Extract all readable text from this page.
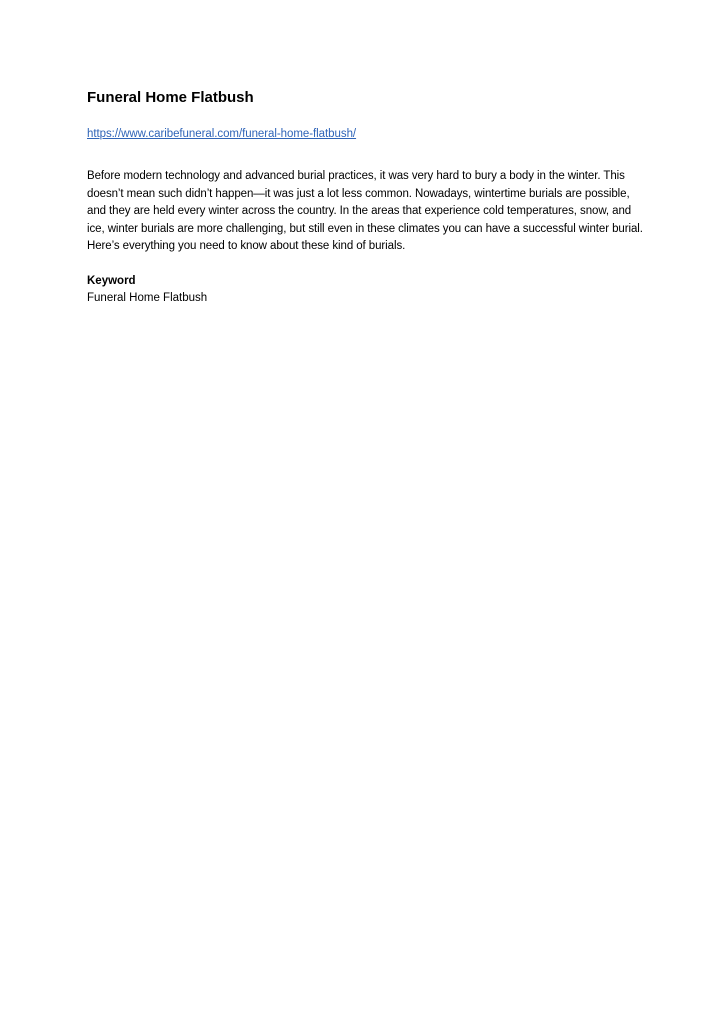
Funeral Home Flatbush
https://www.caribefuneral.com/funeral-home-flatbush/

Before modern technology and advanced burial practices, it was very hard to bury a body in the winter. This doesn’t mean such didn’t happen—it was just a lot less common. Nowadays, wintertime burials are possible, and they are held every winter across the country. In the areas that experience cold temperatures, snow, and ice, winter burials are more challenging, but still even in these climates you can have a successful winter burial. Here’s everything you need to know about these kind of burials.

Keyword

Funeral Home Flatbush
